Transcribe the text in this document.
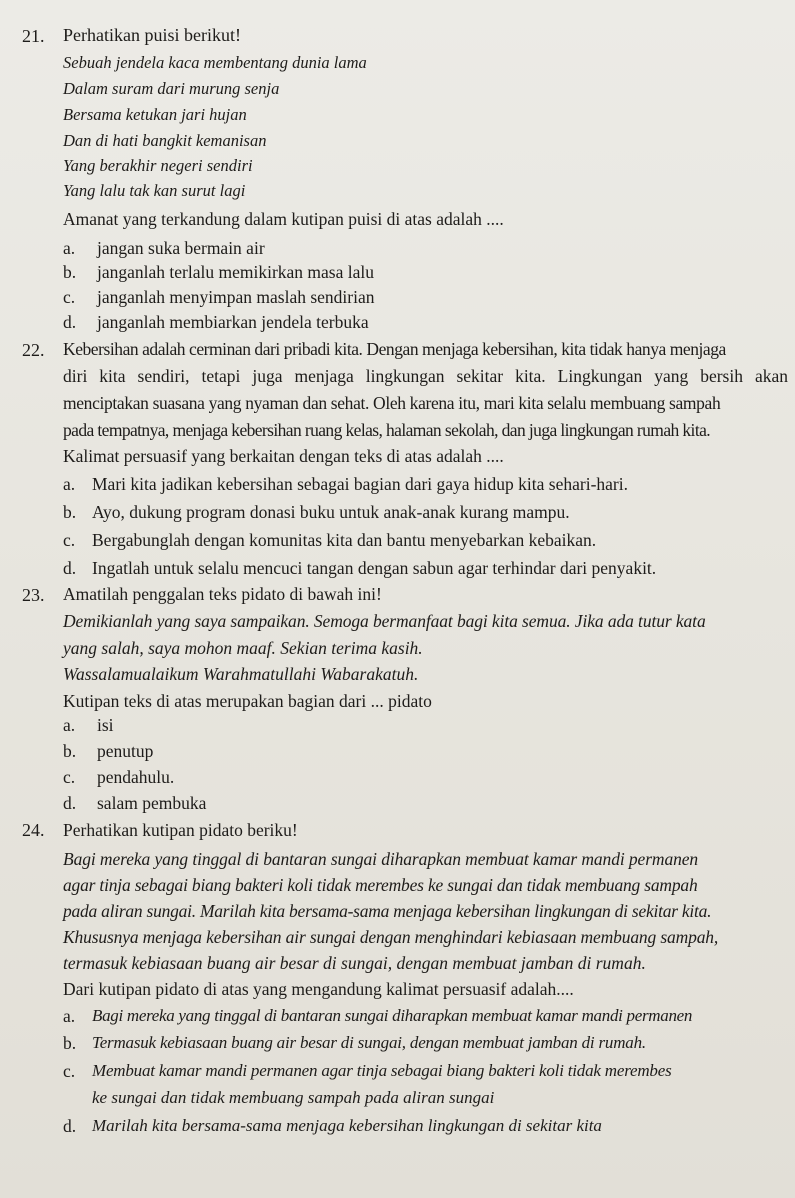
21. Perhatikan puisi berikut!
Sebuah jendela kaca membentang dunia lama
Dalam suram dari murung senja
Bersama ketukan jari hujan
Dan di hati bangkit kemanisan
Yang berakhir negeri sendiri
Yang lalu tak kan surut lagi
Amanat yang terkandung dalam kutipan puisi di atas adalah ....
a. jangan suka bermain air
b. janganlah terlalu memikirkan masa lalu
c. janganlah menyimpan maslah sendirian
d. janganlah membiarkan jendela terbuka
22. Kebersihan adalah cerminan dari pribadi kita. Dengan menjaga kebersihan, kita tidak hanya menjaga
diri kita sendiri, tetapi juga menjaga lingkungan sekitar kita. Lingkungan yang bersih akan
menciptakan suasana yang nyaman dan sehat. Oleh karena itu, mari kita selalu membuang sampah
pada tempatnya, menjaga kebersihan ruang kelas, halaman sekolah, dan juga lingkungan rumah kita.
Kalimat persuasif yang berkaitan dengan teks di atas adalah ....
a. Mari kita jadikan kebersihan sebagai bagian dari gaya hidup kita sehari-hari.
b. Ayo, dukung program donasi buku untuk anak-anak kurang mampu.
c. Bergabunglah dengan komunitas kita dan bantu menyebarkan kebaikan.
d. Ingatlah untuk selalu mencuci tangan dengan sabun agar terhindar dari penyakit.
23. Amatilah penggalan teks pidato di bawah ini!
Demikianlah yang saya sampaikan. Semoga bermanfaat bagi kita semua. Jika ada tutur kata
yang salah, saya mohon maaf. Sekian terima kasih.
Wassalamualaikum Warahmatullahi Wabarakatuh.
Kutipan teks di atas merupakan bagian dari ... pidato
a. isi
b. penutup
c. pendahulu.
d. salam pembuka
24. Perhatikan kutipan pidato beriku!
Bagi mereka yang tinggal di bantaran sungai diharapkan membuat kamar mandi permanen
agar tinja sebagai biang bakteri koli tidak merembes ke sungai dan tidak membuang sampah
pada aliran sungai. Marilah kita bersama-sama menjaga kebersihan lingkungan di sekitar kita.
Khususnya menjaga kebersihan air sungai dengan menghindari kebiasaan membuang sampah,
termasuk kebiasaan buang air besar di sungai, dengan membuat jamban di rumah.
Dari kutipan pidato di atas yang mengandung kalimat persuasif adalah....
a. Bagi mereka yang tinggal di bantaran sungai diharapkan membuat kamar mandi permanen
b. Termasuk kebiasaan buang air besar di sungai, dengan membuat jamban di rumah.
c. Membuat kamar mandi permanen agar tinja sebagai biang bakteri koli tidak merembes
ke sungai dan tidak membuang sampah pada aliran sungai
d. Marilah kita bersama-sama menjaga kebersihan lingkungan di sekitar kita
